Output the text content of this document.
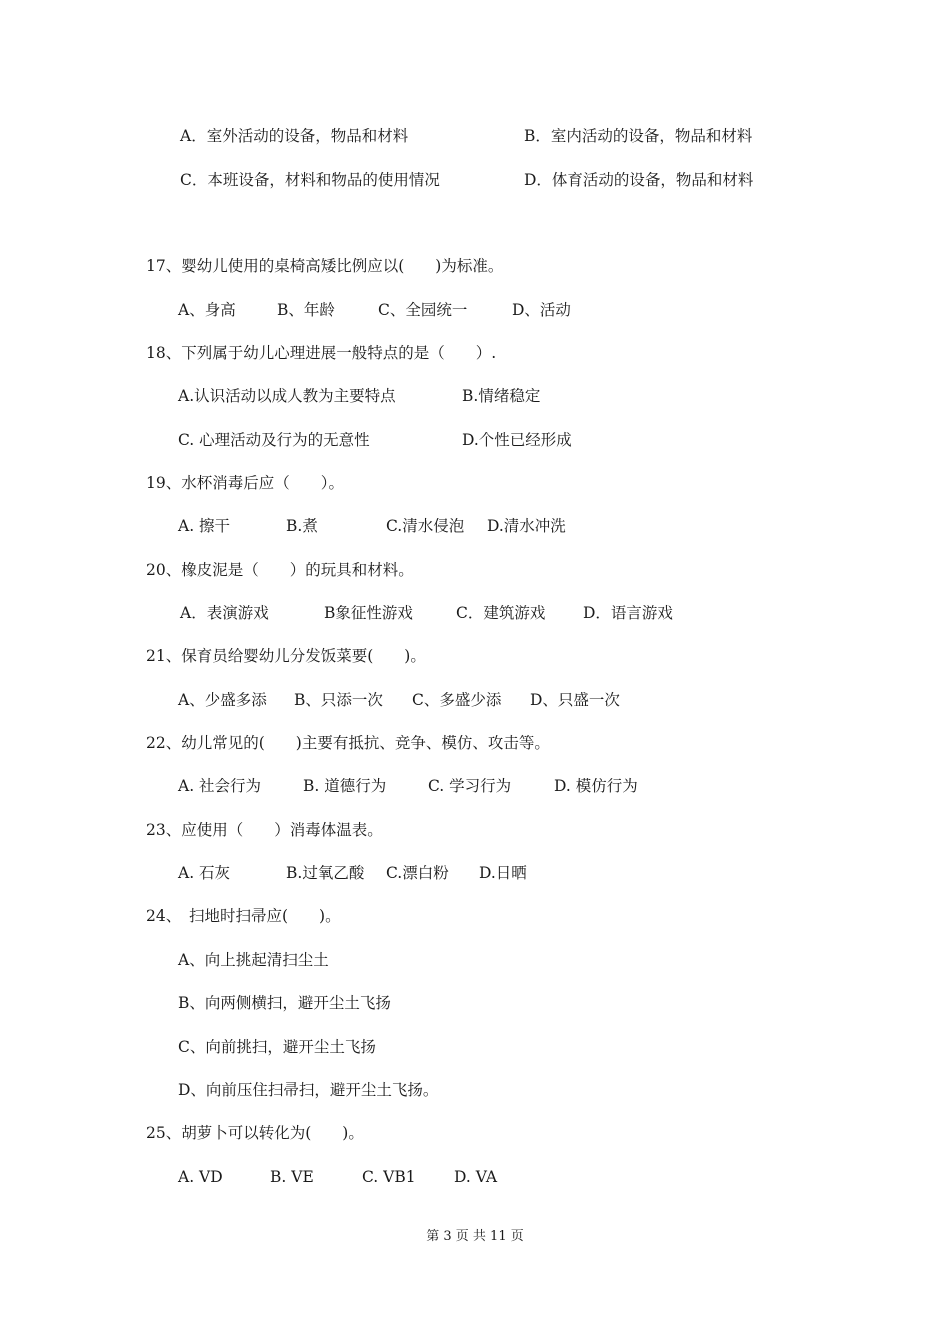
A．室外活动的设备，物品和材料	B．室内活动的设备，物品和材料
C．本班设备，材料和物品的使用情况	D．体育活动的设备，物品和材料
17、婴幼儿使用的桌椅高矮比例应以(　　)为标准。
A、身高	B、年龄	C、全园统一	D、活动
18、下列属于幼儿心理进展一般特点的是（　　）.
A.认识活动以成人教为主要特点	B.情绪稳定
C. 心理活动及行为的无意性	D.个性已经形成
19、水杯消毒后应（　　）。
A. 擦干	B.煮	C.清水侵泡 D.清水冲洗
20、橡皮泥是（　　）的玩具和材料。
A．表演游戏	B象征性游戏	C．建筑游戏 D．语言游戏
21、保育员给婴幼儿分发饭菜要(　　)。
A、少盛多添 B、只添一次 C、多盛少添 D、只盛一次
22、幼儿常见的(　　)主要有抵抗、竞争、模仿、攻击等。
A. 社会行为	B. 道德行为	C. 学习行为	D. 模仿行为
23、应使用（　　）消毒体温表。
A. 石灰	B.过氧乙酸 C.漂白粉 D.日晒
24、　扫地时扫帚应(　　)。
A、向上挑起清扫尘土
B、向两侧横扫，避开尘土飞扬
C、向前挑扫，避开尘土飞扬
D、向前压住扫帚扫，避开尘土飞扬。
25、胡萝卜可以转化为(　　)。
A. VD	B. VE	C. VB1 D. VA
第 3 页 共 11 页
